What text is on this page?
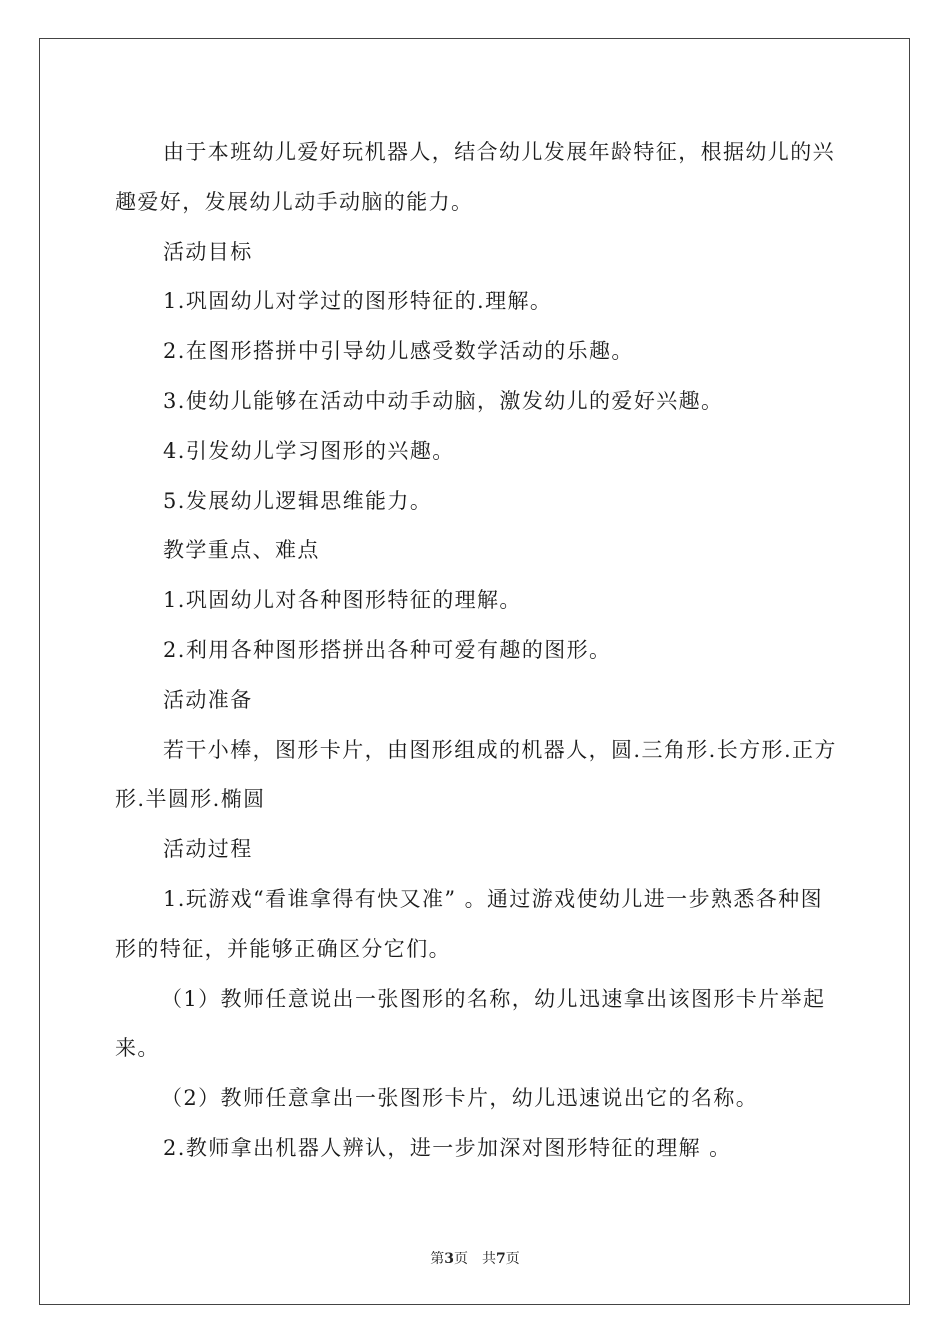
由于本班幼儿爱好玩机器人，结合幼儿发展年龄特征，根据幼儿的兴趣爱好，发展幼儿动手动脑的能力。

活动目标

1.巩固幼儿对学过的图形特征的.理解。

2.在图形搭拼中引导幼儿感受数学活动的乐趣。

3.使幼儿能够在活动中动手动脑，激发幼儿的爱好兴趣。

4.引发幼儿学习图形的兴趣。

5.发展幼儿逻辑思维能力。

教学重点、难点

1.巩固幼儿对各种图形特征的理解。

2.利用各种图形搭拼出各种可爱有趣的图形。

活动准备

若干小棒，图形卡片，由图形组成的机器人，圆.三角形.长方形.正方形.半圆形.椭圆

活动过程

1.玩游戏“看谁拿得有快又准” 。通过游戏使幼儿进一步熟悉各种图形的特征，并能够正确区分它们。

（1）教师任意说出一张图形的名称，幼儿迅速拿出该图形卡片举起来。

（2）教师任意拿出一张图形卡片，幼儿迅速说出它的名称。

2.教师拿出机器人辨认，进一步加深对图形特征的理解 。

第3页　共7页
